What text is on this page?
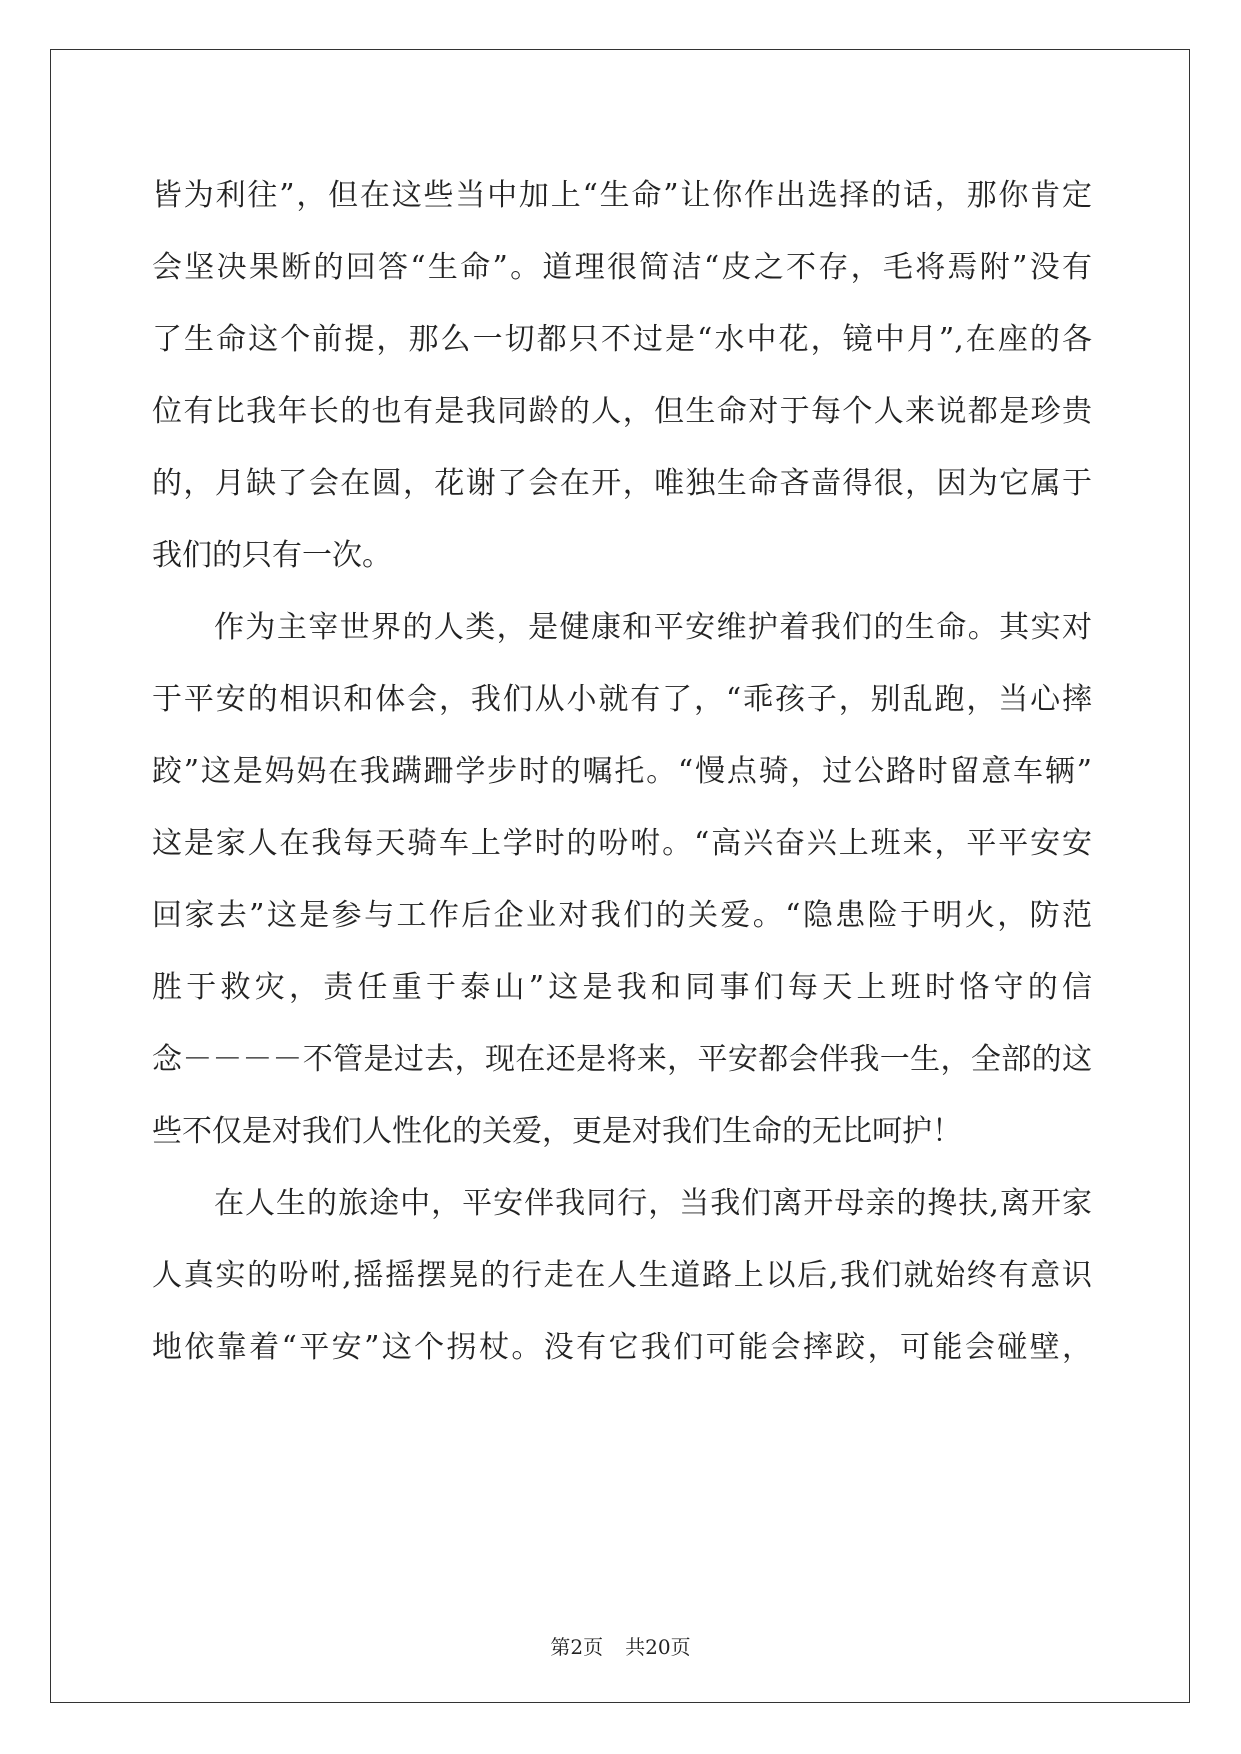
皆为利往”，但在这些当中加上“生命”让你作出选择的话，那你肯定

会坚决果断的回答“生命”。道理很简洁“皮之不存，毛将焉附”没有

了生命这个前提，那么一切都只不过是“水中花，镜中月”,在座的各

位有比我年长的也有是我同龄的人，但生命对于每个人来说都是珍贵

的，月缺了会在圆，花谢了会在开，唯独生命吝啬得很，因为它属于

我们的只有一次。

作为主宰世界的人类，是健康和平安维护着我们的生命。其实对

于平安的相识和体会，我们从小就有了，“乖孩子，别乱跑，当心摔

跤”这是妈妈在我蹒跚学步时的嘱托。“慢点骑，过公路时留意车辆”

这是家人在我每天骑车上学时的吩咐。“高兴奋兴上班来，平平安安

回家去”这是参与工作后企业对我们的关爱。“隐患险于明火，防范

胜于救灾，责任重于泰山”这是我和同事们每天上班时恪守的信

念－－－－不管是过去，现在还是将来，平安都会伴我一生，全部的这

些不仅是对我们人性化的关爱，更是对我们生命的无比呵护！

在人生的旅途中，平安伴我同行，当我们离开母亲的搀扶,离开家

人真实的吩咐,摇摇摆晃的行走在人生道路上以后,我们就始终有意识

地依靠着“平安”这个拐杖。没有它我们可能会摔跤，可能会碰壁，

第2页 共20页
